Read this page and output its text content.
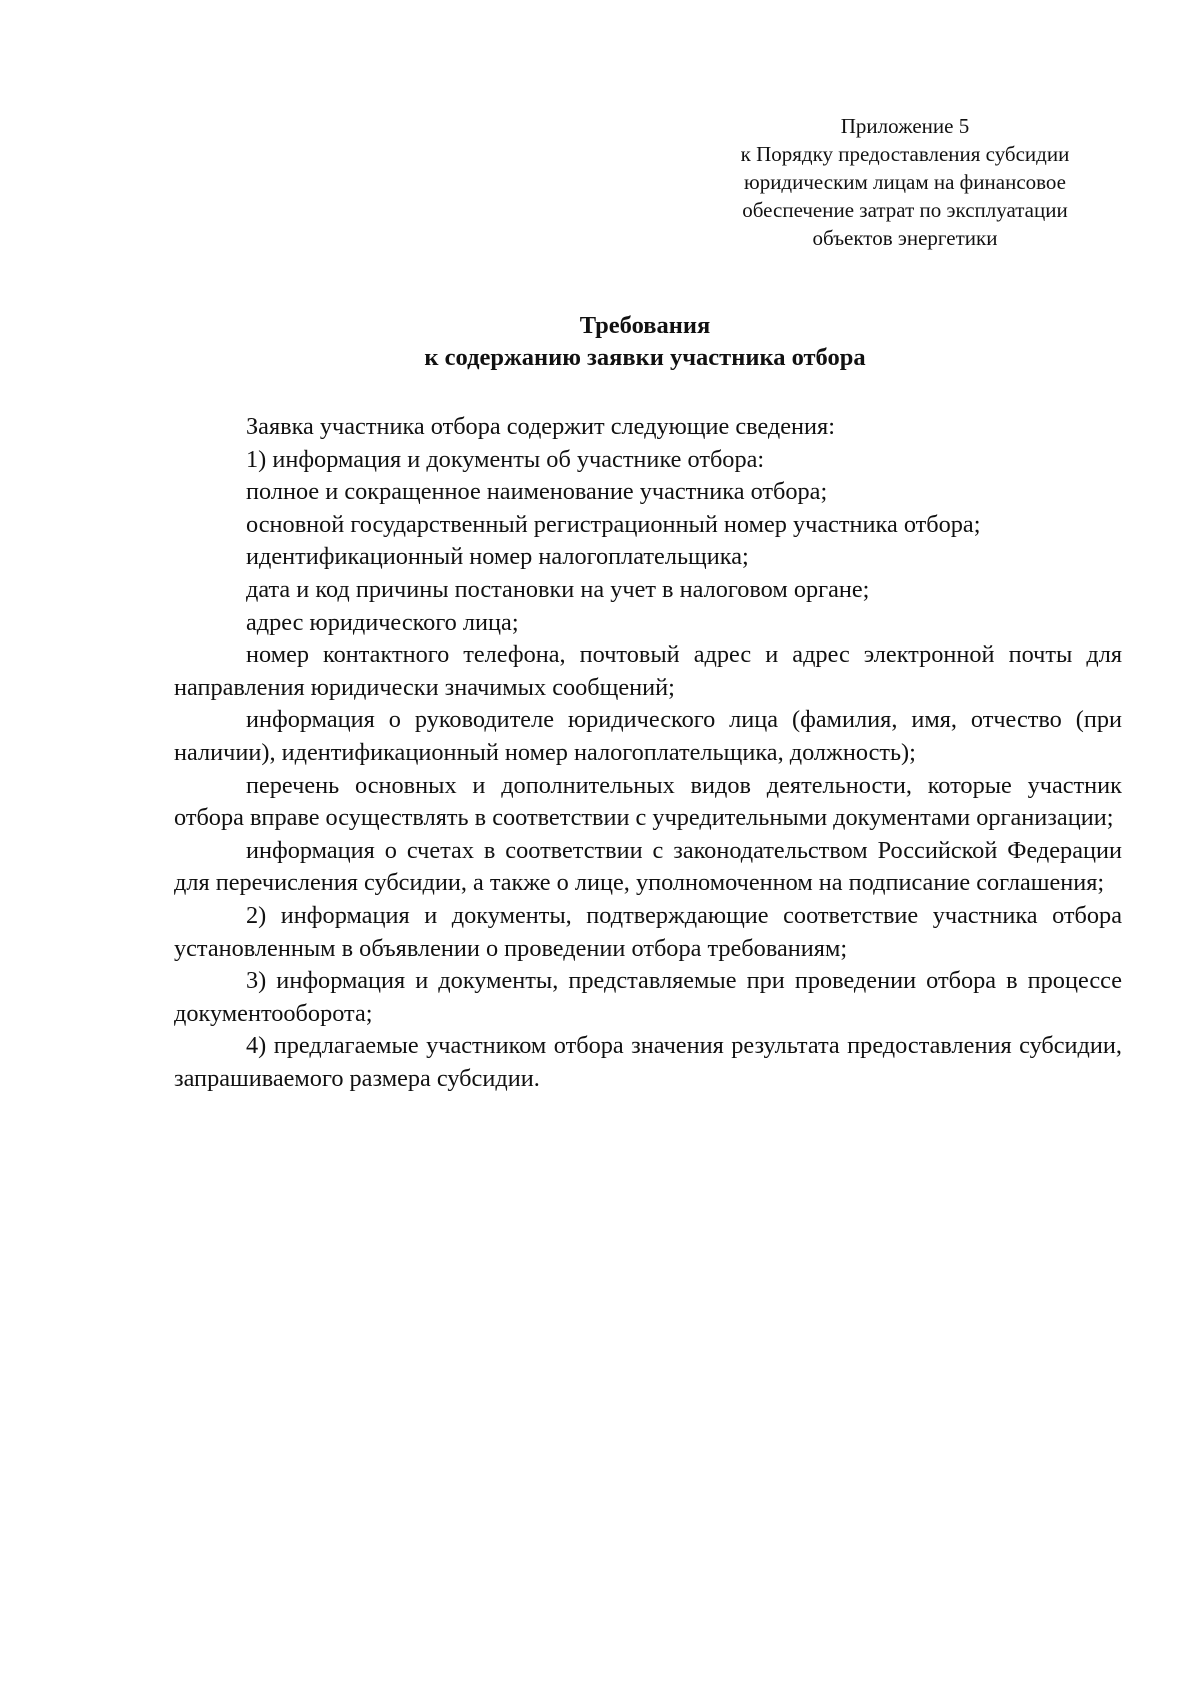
Приложение 5
к Порядку предоставления субсидии
юридическим лицам на финансовое
обеспечение затрат по эксплуатации
объектов энергетики
Требования
к содержанию заявки участника отбора

Заявка участника отбора содержит следующие сведения:

1) информация и документы об участнике отбора:

полное и сокращенное наименование участника отбора;

основной государственный регистрационный номер участника отбора;

идентификационный номер налогоплательщика;

дата и код причины постановки на учет в налоговом органе;

адрес юридического лица;

номер контактного телефона, почтовый адрес и адрес электронной почты для направления юридически значимых сообщений;

информация о руководителе юридического лица (фамилия, имя, отчество (при наличии), идентификационный номер налогоплательщика, должность);

перечень основных и дополнительных видов деятельности, которые участник отбора вправе осуществлять в соответствии с учредительными документами организации;

информация о счетах в соответствии с законодательством Российской Федерации для перечисления субсидии, а также о лице, уполномоченном на подписание соглашения;

2) информация и документы, подтверждающие соответствие участника отбора установленным в объявлении о проведении отбора требованиям;

3) информация и документы, представляемые при проведении отбора в процессе документооборота;

4) предлагаемые участником отбора значения результата предоставления субсидии, запрашиваемого размера субсидии.
